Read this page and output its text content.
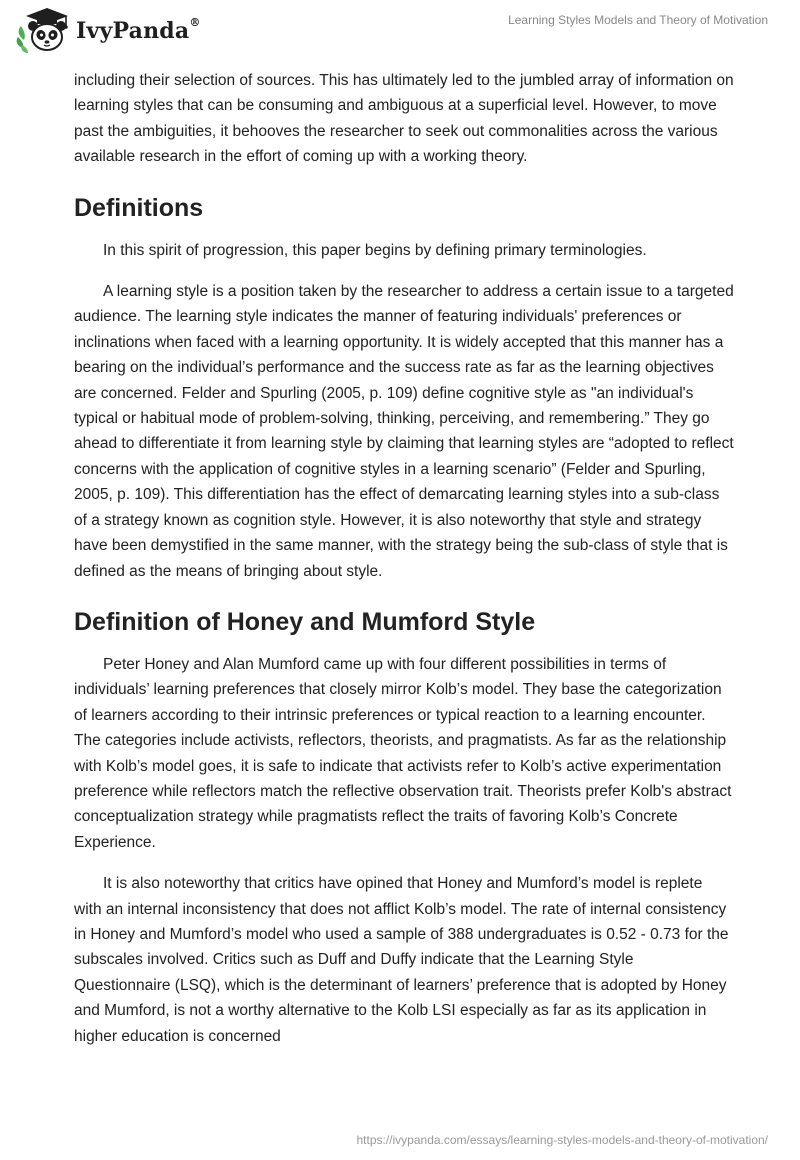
IvyPanda®	Learning Styles Models and Theory of Motivation

including their selection of sources. This has ultimately led to the jumbled array of information on learning styles that can be consuming and ambiguous at a superficial level. However, to move past the ambiguities, it behooves the researcher to seek out commonalities across the various available research in the effort of coming up with a working theory.

Definitions

In this spirit of progression, this paper begins by defining primary terminologies.

A learning style is a position taken by the researcher to address a certain issue to a targeted audience. The learning style indicates the manner of featuring individuals' preferences or inclinations when faced with a learning opportunity. It is widely accepted that this manner has a bearing on the individual’s performance and the success rate as far as the learning objectives are concerned. Felder and Spurling (2005, p. 109) define cognitive style as "an individual's typical or habitual mode of problem-solving, thinking, perceiving, and remembering.” They go ahead to differentiate it from learning style by claiming that learning styles are “adopted to reflect concerns with the application of cognitive styles in a learning scenario” (Felder and Spurling, 2005, p. 109). This differentiation has the effect of demarcating learning styles into a sub-class of a strategy known as cognition style. However, it is also noteworthy that style and strategy have been demystified in the same manner, with the strategy being the sub-class of style that is defined as the means of bringing about style.

Definition of Honey and Mumford Style

Peter Honey and Alan Mumford came up with four different possibilities in terms of individuals’ learning preferences that closely mirror Kolb’s model. They base the categorization of learners according to their intrinsic preferences or typical reaction to a learning encounter. The categories include activists, reflectors, theorists, and pragmatists. As far as the relationship with Kolb’s model goes, it is safe to indicate that activists refer to Kolb’s active experimentation preference while reflectors match the reflective observation trait. Theorists prefer Kolb's abstract conceptualization strategy while pragmatists reflect the traits of favoring Kolb’s Concrete Experience.

It is also noteworthy that critics have opined that Honey and Mumford’s model is replete with an internal inconsistency that does not afflict Kolb’s model. The rate of internal consistency in Honey and Mumford’s model who used a sample of 388 undergraduates is 0.52 - 0.73 for the subscales involved. Critics such as Duff and Duffy indicate that the Learning Style Questionnaire (LSQ), which is the determinant of learners’ preference that is adopted by Honey and Mumford, is not a worthy alternative to the Kolb LSI especially as far as its application in higher education is concerned

https://ivypanda.com/essays/learning-styles-models-and-theory-of-motivation/
